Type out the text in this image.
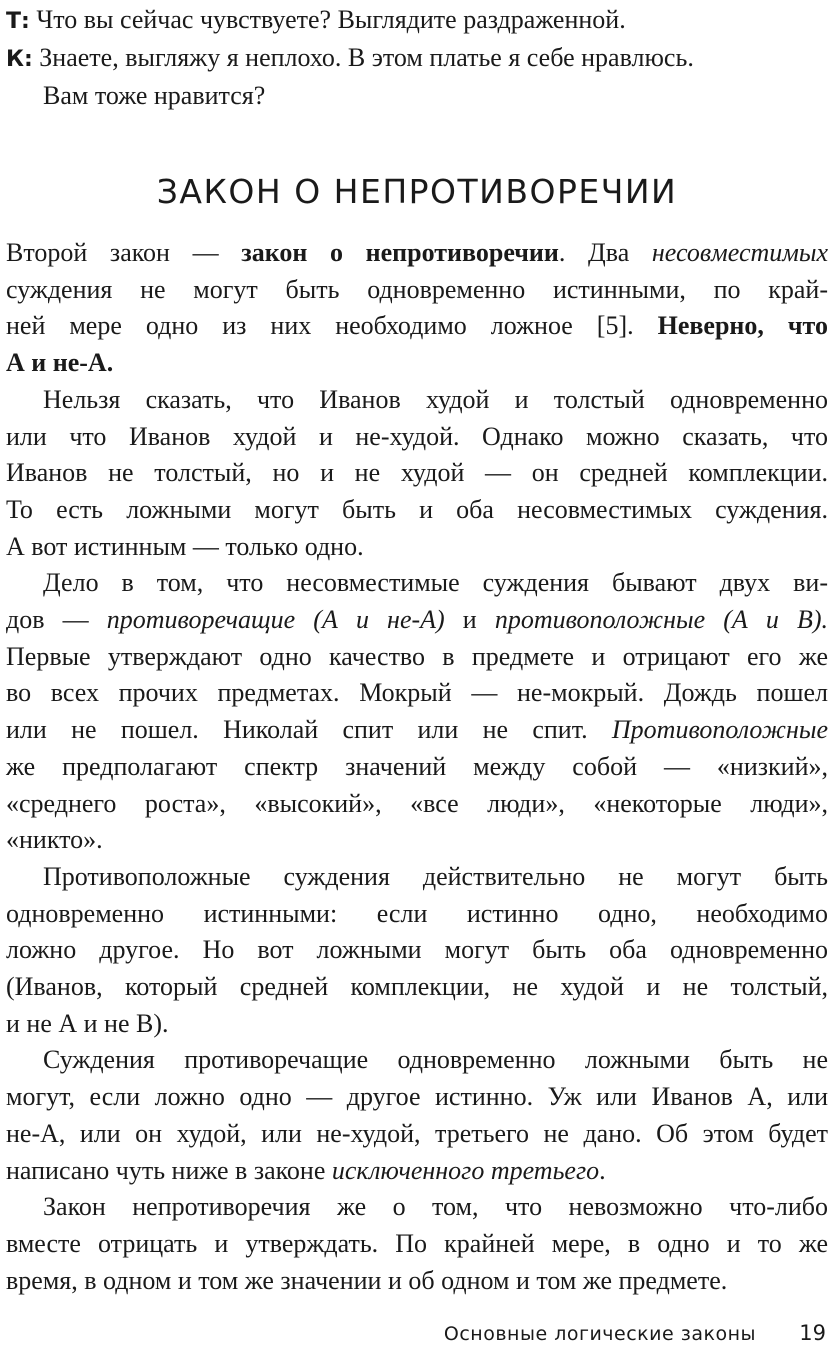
Т: Что вы сейчас чувствуете? Выглядите раздраженной.
К: Знаете, выгляжу я неплохо. В этом платье я себе нравлюсь.
Вам тоже нравится?
ЗАКОН О НЕПРОТИВОРЕЧИИ
Второй закон — закон о непротиворечии. Два несовместимых
суждения не могут быть одновременно истинными, по край-
ней мере одно из них необходимо ложное [5]. Неверно, что
А и не-А.
Нельзя сказать, что Иванов худой и толстый одновременно
или что Иванов худой и не-худой. Однако можно сказать, что
Иванов не толстый, но и не худой — он средней комплекции.
То есть ложными могут быть и оба несовместимых суждения.
А вот истинным — только одно.
Дело в том, что несовместимые суждения бывают двух ви-
дов — противоречащие (А и не-А) и противоположные (А и В).
Первые утверждают одно качество в предмете и отрицают его же
во всех прочих предметах. Мокрый — не-мокрый. Дождь пошел
или не пошел. Николай спит или не спит. Противоположные
же предполагают спектр значений между собой — «низкий»,
«среднего роста», «высокий», «все люди», «некоторые люди»,
«никто».
Противоположные суждения действительно не могут быть
одновременно истинными: если истинно одно, необходимо
ложно другое. Но вот ложными могут быть оба одновременно
(Иванов, который средней комплекции, не худой и не толстый,
и не А и не В).
Суждения противоречащие одновременно ложными быть не
могут, если ложно одно — другое истинно. Уж или Иванов А, или
не-А, или он худой, или не-худой, третьего не дано. Об этом будет
написано чуть ниже в законе исключенного третьего.
Закон непротиворечия же о том, что невозможно что-либо
вместе отрицать и утверждать. По крайней мере, в одно и то же
время, в одном и том же значении и об одном и том же предмете.
Основные логические законы 19
